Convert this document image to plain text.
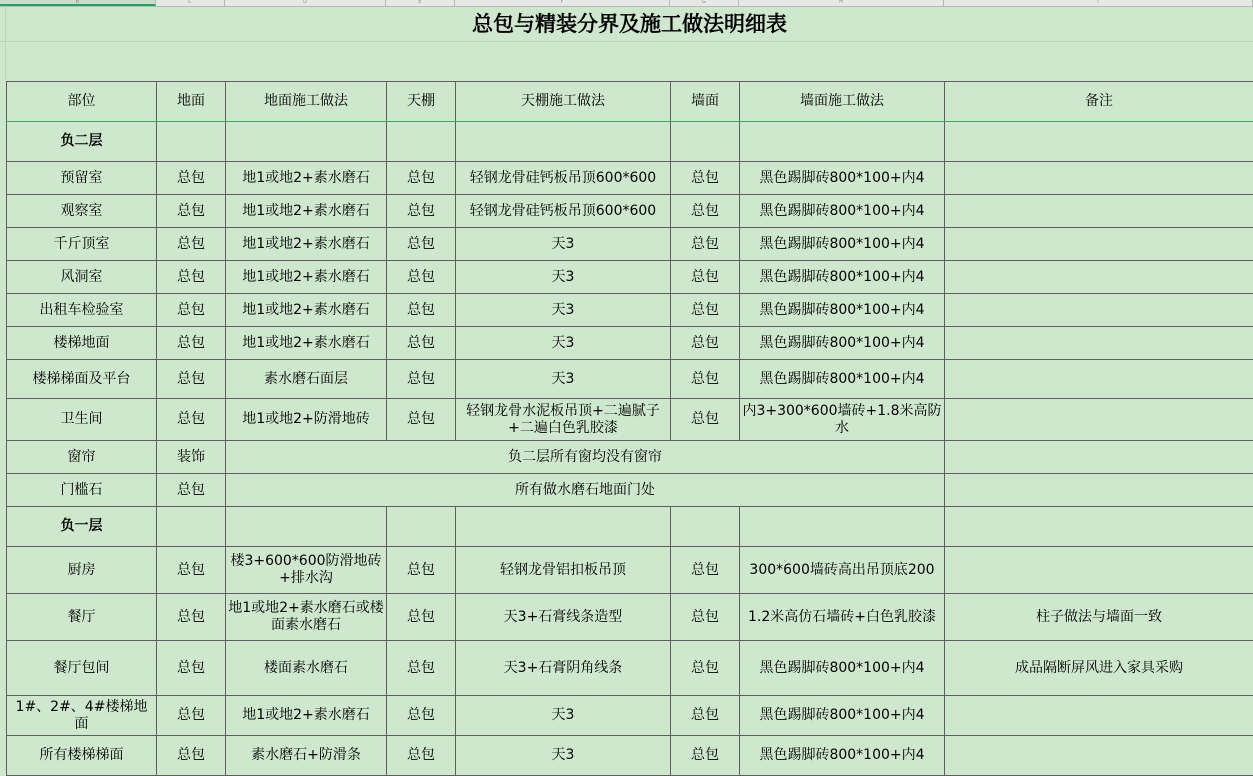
B	C	D	E	F	G	H	I
总包与精装分界及施工做法明细表
部位	地面	地面施工做法	天棚	天棚施工做法	墙面	墙面施工做法	备注
负二层							
预留室	总包	地1或地2+素水磨石	总包	轻钢龙骨硅钙板吊顶600*600	总包	黑色踢脚砖800*100+内4	
观察室	总包	地1或地2+素水磨石	总包	轻钢龙骨硅钙板吊顶600*600	总包	黑色踢脚砖800*100+内4	
千斤顶室	总包	地1或地2+素水磨石	总包	天3	总包	黑色踢脚砖800*100+内4	
风洞室	总包	地1或地2+素水磨石	总包	天3	总包	黑色踢脚砖800*100+内4	
出租车检验室	总包	地1或地2+素水磨石	总包	天3	总包	黑色踢脚砖800*100+内4	
楼梯地面	总包	地1或地2+素水磨石	总包	天3	总包	黑色踢脚砖800*100+内4	
楼梯梯面及平台	总包	素水磨石面层	总包	天3	总包	黑色踢脚砖800*100+内4	
卫生间	总包	地1或地2+防滑地砖	总包	轻钢龙骨水泥板吊顶+二遍腻子+二遍白色乳胶漆	总包	内3+300*600墙砖+1.8米高防水	
窗帘	装饰	负二层所有窗均没有窗帘					
门槛石	总包	所有做水磨石地面门处					
负一层							
厨房	总包	楼3+600*600防滑地砖+排水沟	总包	轻钢龙骨铝扣板吊顶	总包	300*600墙砖高出吊顶底200	
餐厅	总包	地1或地2+素水磨石或楼面素水磨石	总包	天3+石膏线条造型	总包	1.2米高仿石墙砖+白色乳胶漆	柱子做法与墙面一致
餐厅包间	总包	楼面素水磨石	总包	天3+石膏阴角线条	总包	黑色踢脚砖800*100+内4	成品隔断屏风进入家具采购
1#、2#、4#楼梯地面	总包	地1或地2+素水磨石	总包	天3	总包	黑色踢脚砖800*100+内4	
所有楼梯梯面	总包	素水磨石+防滑条	总包	天3	总包	黑色踢脚砖800*100+内4	
